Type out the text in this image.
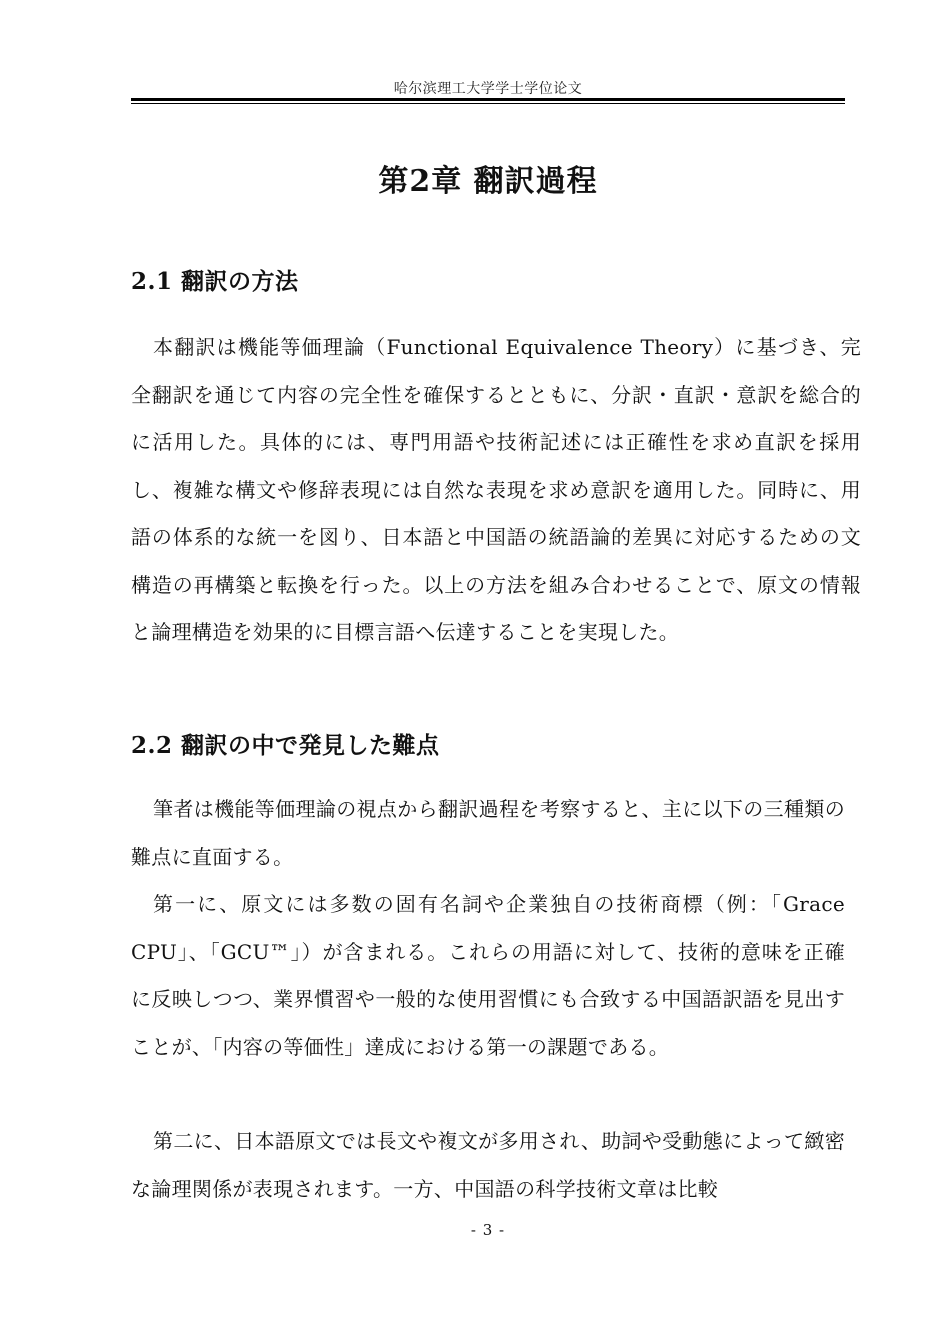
哈尔滨理工大学学士学位论文
第2章 翻訳過程
2.1 翻訳の方法

本翻訳は機能等価理論（Functional Equivalence Theory）に基づき、完全翻訳を通じて内容の完全性を確保するとともに、分訳・直訳・意訳を総合的に活用した。具体的には、専門用語や技術記述には正確性を求め直訳を採用し、複雑な構文や修辞表現には自然な表現を求め意訳を適用した。同時に、用語の体系的な統一を図り、日本語と中国語の統語論的差異に対応するための文構造の再構築と転換を行った。以上の方法を組み合わせることで、原文の情報と論理構造を効果的に目標言語へ伝達することを実現した。

2.2 翻訳の中で発見した難点

筆者は機能等価理論の視点から翻訳過程を考察すると、主に以下の三種類の難点に直面する。

第一に、原文には多数の固有名詞や企業独自の技術商標（例：「Grace CPU」、「GCU™」）が含まれる。これらの用語に対して、技術的意味を正確に反映しつつ、業界慣習や一般的な使用習慣にも合致する中国語訳語を見出すことが、「内容の等価性」達成における第一の課題である。

第二に、日本語原文では長文や複文が多用され、助詞や受動態によって緻密な論理関係が表現されます。一方、中国語の科学技術文章は比較

- 3 -
